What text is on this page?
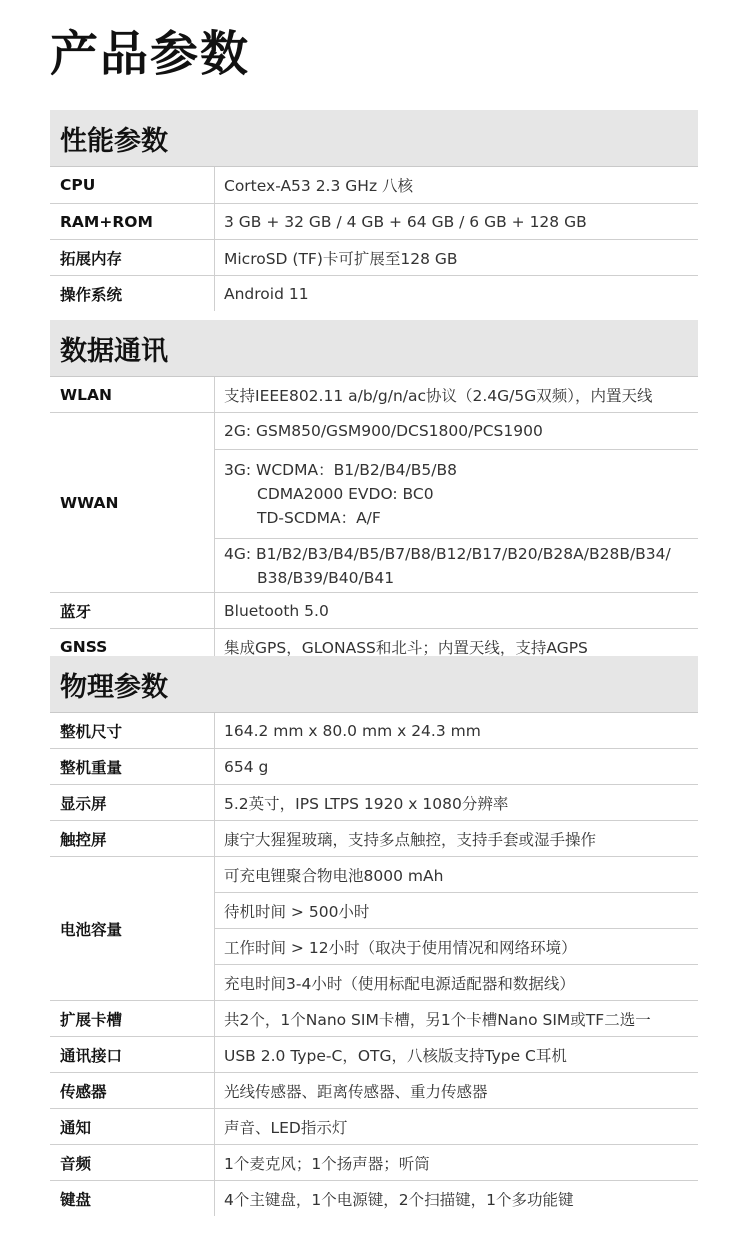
产品参数
性能参数
CPU	Cortex-A53 2.3 GHz 八核
RAM+ROM	3 GB + 32 GB / 4 GB + 64 GB / 6 GB + 128 GB
拓展内存	MicroSD (TF)卡可扩展至128 GB
操作系统	Android 11
数据通讯
WLAN	支持IEEE802.11 a/b/g/n/ac协议（2.4G/5G双频），内置天线
WWAN	2G: GSM850/GSM900/DCS1800/PCS1900

	3G: WCDMA：B1/B2/B4/B5/B8
CDMA2000 EVDO: BC0
TD-SCDMA：A/F

	4G: B1/B2/B3/B4/B5/B7/B8/B12/B17/B20/B28A/B28B/B34/
B38/B39/B40/B41

蓝牙	Bluetooth 5.0
GNSS	集成GPS，GLONASS和北斗；内置天线，支持AGPS
物理参数
整机尺寸	164.2 mm x 80.0 mm x 24.3 mm
整机重量	654 g
显示屏	5.2英寸，IPS LTPS 1920 x 1080分辨率
触控屏	康宁大猩猩玻璃，支持多点触控，支持手套或湿手操作
电池容量	可充电锂聚合物电池8000 mAh
	待机时间 > 500小时
	工作时间 > 12小时（取决于使用情况和网络环境）
	充电时间3-4小时（使用标配电源适配器和数据线）
扩展卡槽	共2个，1个Nano SIM卡槽，另1个卡槽Nano SIM或TF二选一
通讯接口	USB 2.0 Type-C，OTG，八核版支持Type C耳机
传感器	光线传感器、距离传感器、重力传感器
通知	声音、LED指示灯
音频	1个麦克风；1个扬声器；听筒
键盘	4个主键盘，1个电源键，2个扫描键，1个多功能键
